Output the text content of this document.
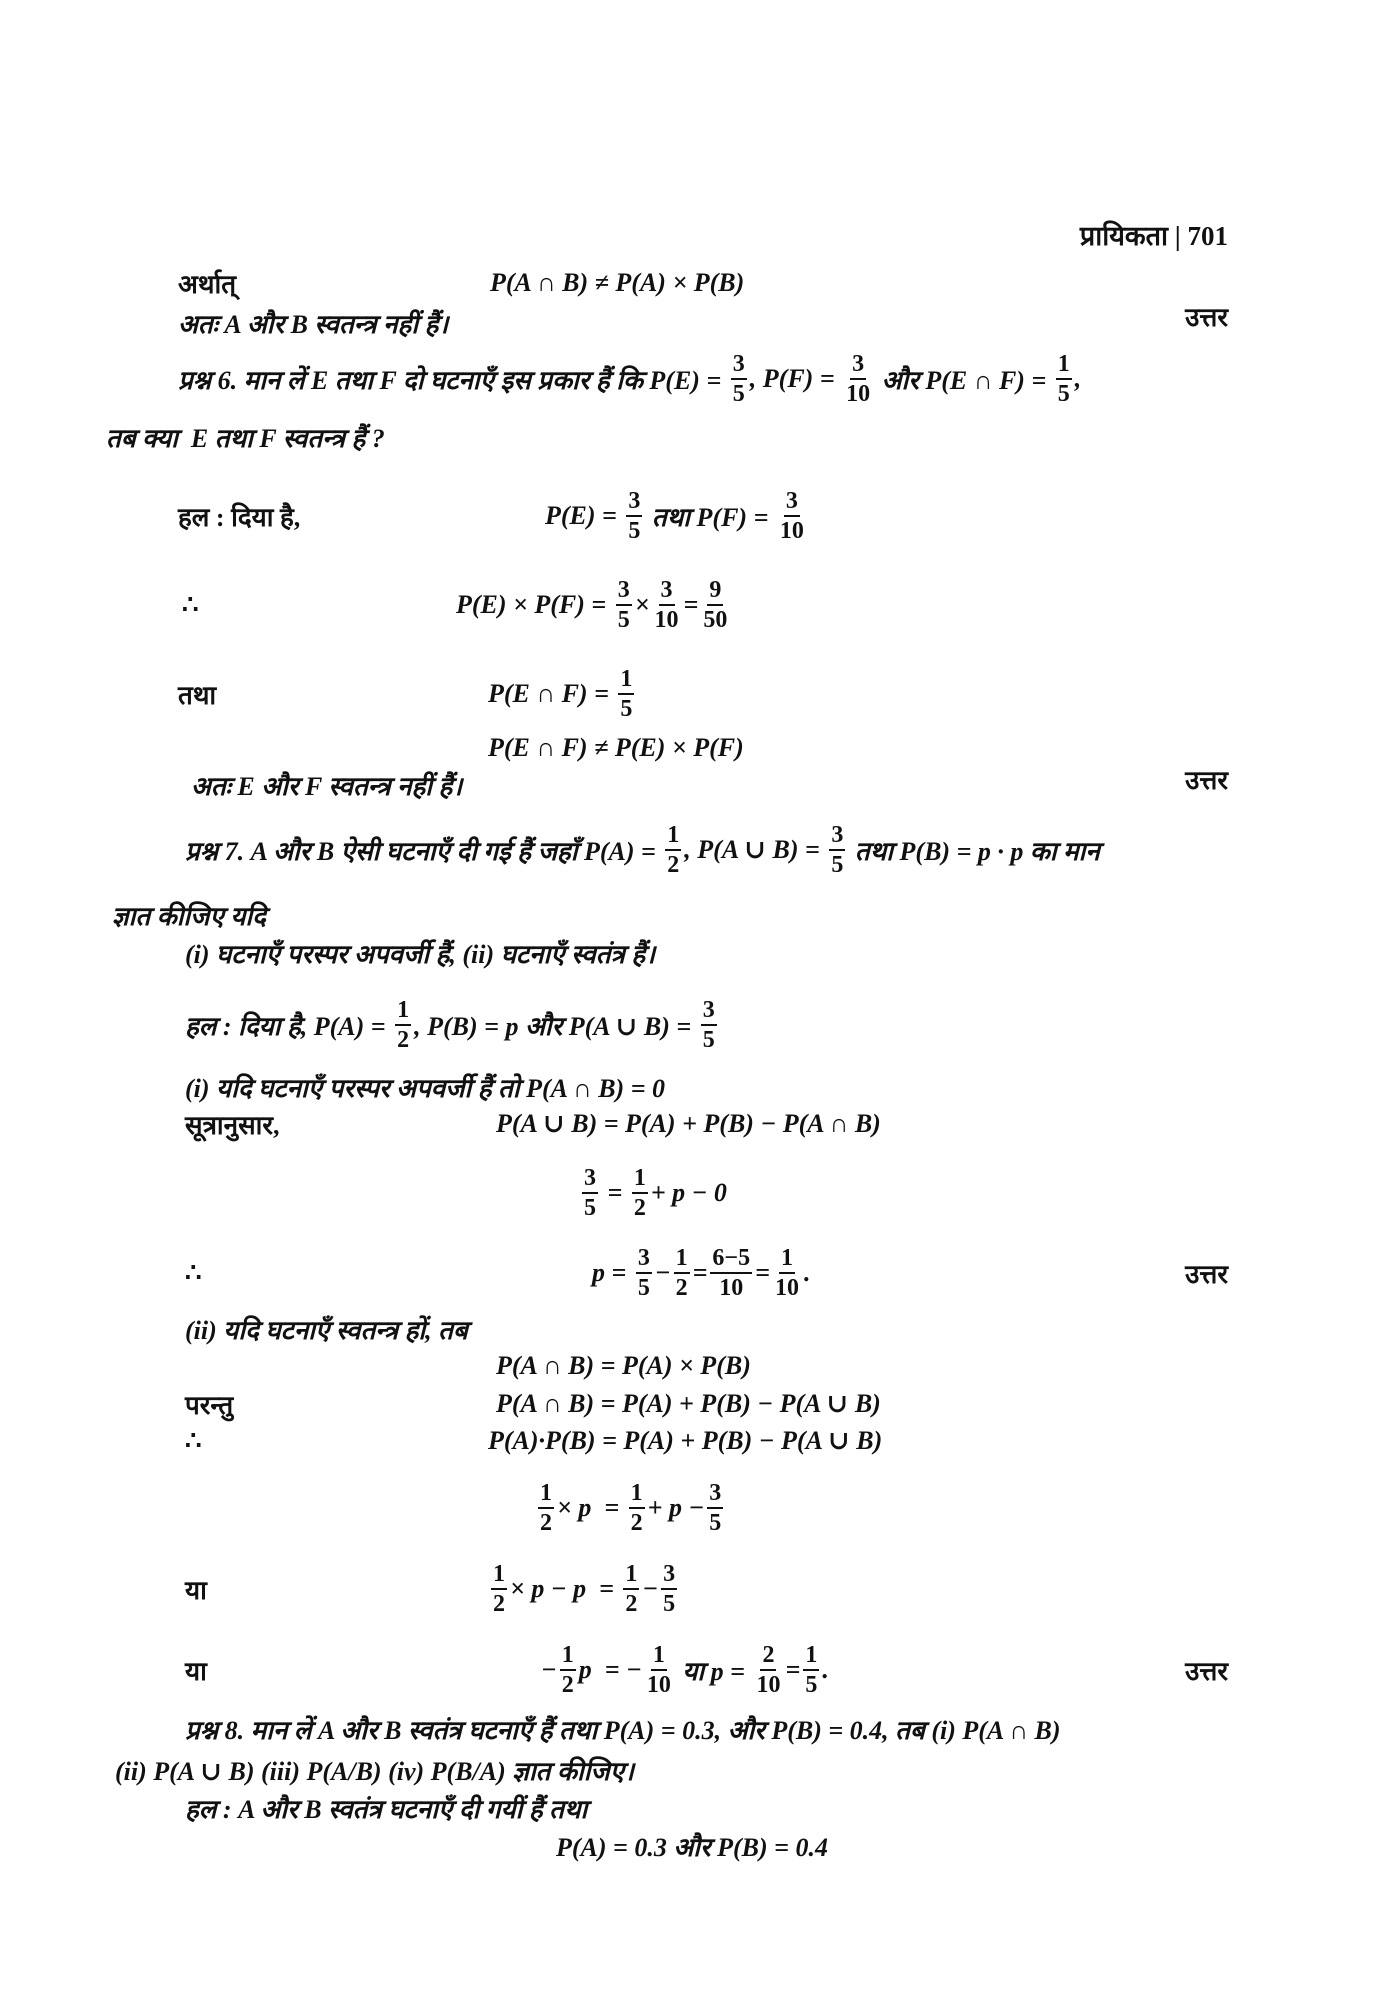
प्रायिकता | 701
अर्थात्	P(A ∩ B) ≠ P(A) × P(B)
अतः A और B स्वतन्त्र नहीं हैं।	उत्तर
प्रश्न 6. मान लें E तथा F दो घटनाएँ इस प्रकार हैं कि $P(E) = \frac{3}{5}$ , $P(F) = \frac{3}{10}$ और P(E ∩ $F) = \frac{1}{5}$ ,
तब क्या  E तथा F स्वतन्त्र हैं ?
हल : दिया है,	$P(E) = \frac{3}{5}$ तथा $P(F) = \frac{3}{10}$
∴	$P(E) \times P(F) = \frac{3}{5} \times \frac{3}{10} = \frac{9}{50}$
तथा	P(E ∩ $F) = \frac{1}{5}$
P(E ∩ F) ≠ P(E) × P(F)
अतः E और F स्वतन्त्र नहीं हैं।	उत्तर
प्रश्न 7. A और B ऐसी घटनाएँ दी गई हैं जहाँ $P(A) = \frac{1}{2}$ , P(A ∪ $B) = \frac{3}{5}$ तथा P(B) = p · p का मान
ज्ञात कीजिए यदि
(i) घटनाएँ परस्पर अपवर्जी हैं, (ii) घटनाएँ स्वतंत्र हैं।
हल : दिया है, $P(A) = \frac{1}{2}$ , P(B) = p और P(A ∪ $B) = \frac{3}{5}$
(i) यदि घटनाएँ परस्पर अपवर्जी हैं तो P(A ∩ B) = 0
सूत्रानुसार,	P(A ∪ B) = P(A) + P(B) − P(A ∩ B)
$\frac{3}{5} = \frac{1}{2} + p - 0$
∴	$p = \frac{3}{5} - \frac{1}{2} = \frac{6-5}{10} = \frac{1}{10}$ .	उत्तर
(ii) यदि घटनाएँ स्वतन्त्र हों, तब
P(A ∩ B) = P(A) × P(B)
परन्तु	P(A ∩ B) = P(A) + P(B) − P(A ∪ B)
∴	P(A)·P(B) = P(A) + P(B) − P(A ∪ B)
$\frac{1}{2} \times p = \frac{1}{2} + p - \frac{3}{5}$
या	$\frac{1}{2} \times p - p = \frac{1}{2} - \frac{3}{5}$
या	− $\frac{1}{2}$ p  = − $\frac{1}{10}$ या $p = \frac{2}{10} = \frac{1}{5}$ .	उत्तर
प्रश्न 8. मान लें A और B स्वतंत्र घटनाएँ हैं तथा P(A) = 0.3, और P(B) = 0.4, तब (i) P(A ∩ B)
(ii) P(A ∪ B) (iii) P(A/B) (iv) P(B/A) ज्ञात कीजिए।
हल : A और B स्वतंत्र घटनाएँ दी गयीं हैं तथा
P(A) = 0.3 और P(B) = 0.4
